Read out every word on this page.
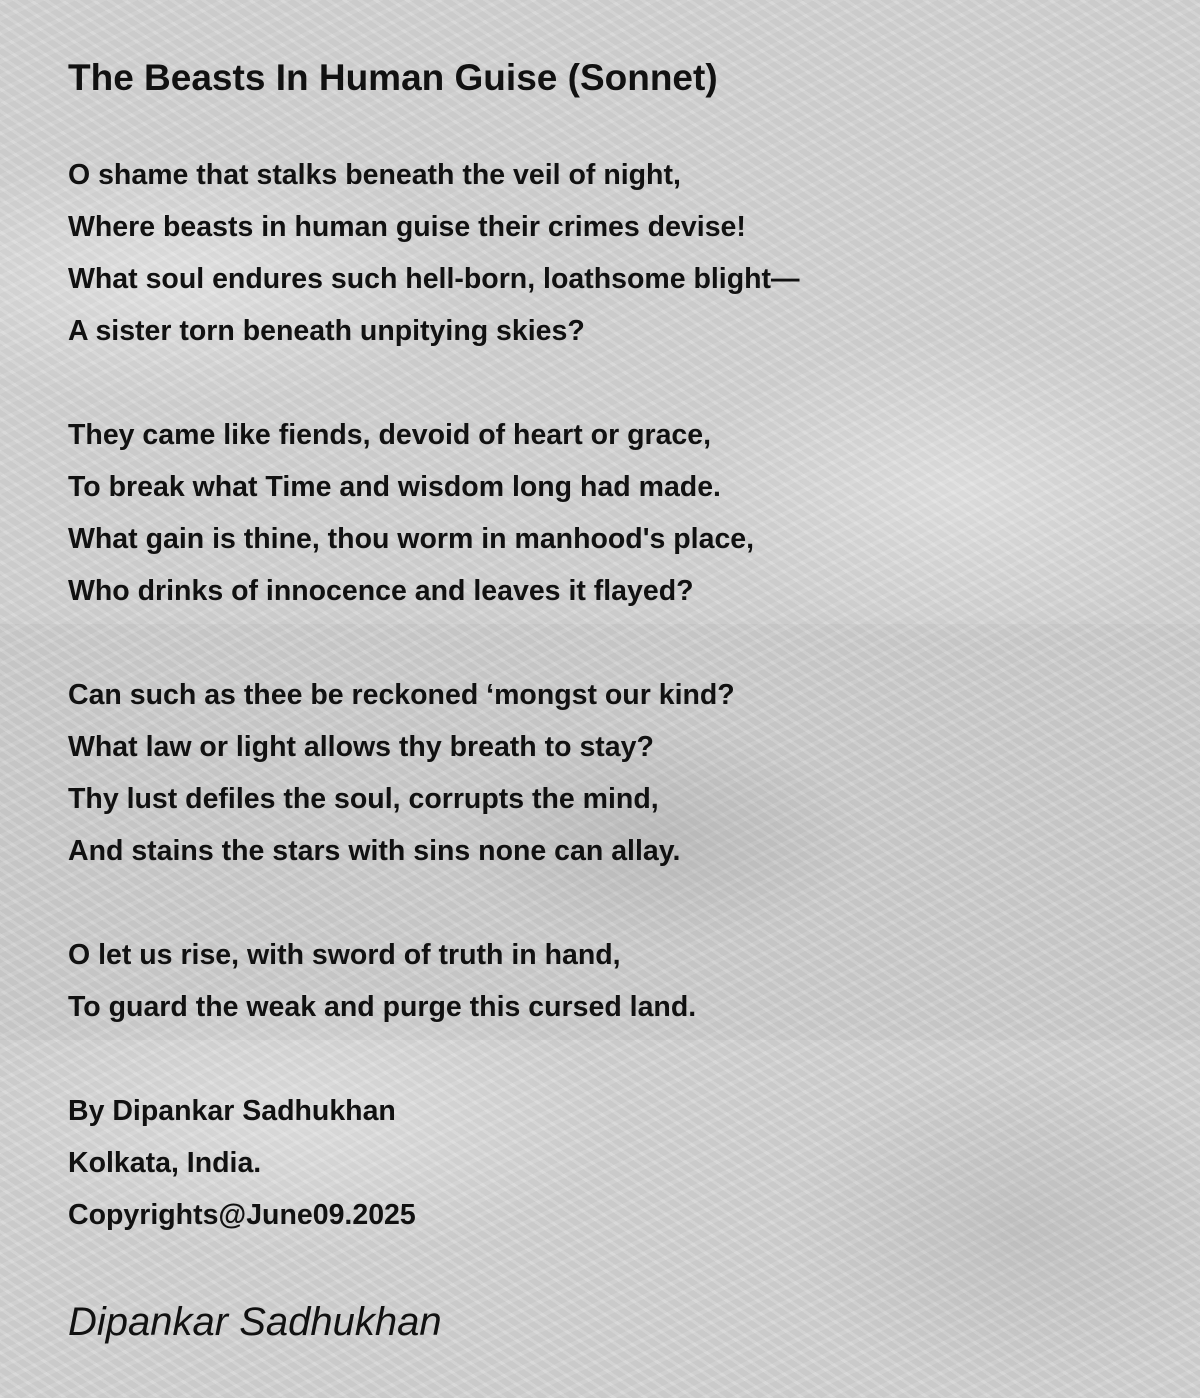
The Beasts In Human Guise (Sonnet)

O shame that stalks beneath the veil of night,
Where beasts in human guise their crimes devise!
What soul endures such hell-born, loathsome blight—
A sister torn beneath unpitying skies?

They came like fiends, devoid of heart or grace,
To break what Time and wisdom long had made.
What gain is thine, thou worm in manhood's place,
Who drinks of innocence and leaves it flayed?

Can such as thee be reckoned ‘mongst our kind?
What law or light allows thy breath to stay?
Thy lust defiles the soul, corrupts the mind,
And stains the stars with sins none can allay.

O let us rise, with sword of truth in hand,
To guard the weak and purge this cursed land.

By Dipankar Sadhukhan
Kolkata, India.
Copyrights@June09.2025

Dipankar Sadhukhan
